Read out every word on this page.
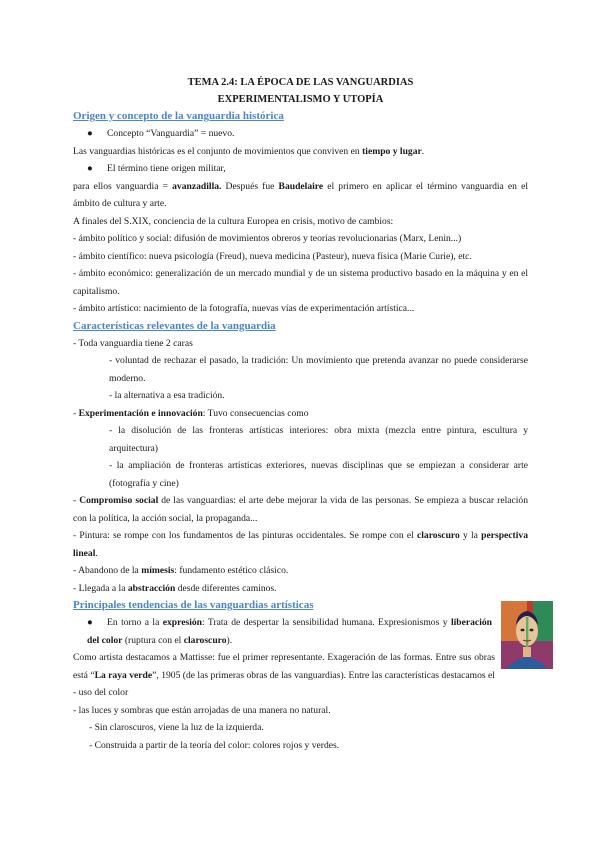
TEMA 2.4: LA ÉPOCA DE LAS VANGUARDIAS
EXPERIMENTALISMO Y UTOPÍA
Origen y concepto de la vanguardia histórica

● Concepto “Vanguardia” = nuevo.

Las vanguardias históricas es el conjunto de movimientos que conviven en tiempo y lugar.

● El término tiene origen militar,

para ellos vanguardia = avanzadilla. Después fue Baudelaire el primero en aplicar el término vanguardia en el ámbito de cultura y arte.

A finales del S.XIX, conciencia de la cultura Europea en crisis, motivo de cambios:

- ámbito político y social: difusión de movimientos obreros y teorías revolucionarias (Marx, Lenin...)

- ámbito científico: nueva psicología (Freud), nueva medicina (Pasteur), nueva física (Marie Curie), etc.

- ámbito económico: generalización de un mercado mundial y de un sistema productivo basado en la máquina y en el capitalismo.

- ámbito artístico: nacimiento de la fotografía, nuevas vías de experimentación artística...

Características relevantes de la vanguardia

- Toda vanguardia tiene 2 caras

- voluntad de rechazar el pasado, la tradición: Un movimiento que pretenda avanzar no puede considerarse moderno.

- la alternativa a esa tradición.

- Experimentación e innovación: Tuvo consecuencias como

- la disolución de las fronteras artísticas interiores: obra mixta (mezcla entre pintura, escultura y arquitectura)

- la ampliación de fronteras artísticas exteriores, nuevas disciplinas que se empiezan a considerar arte (fotografía y cine)

- Compromiso social de las vanguardias: el arte debe mejorar la vida de las personas. Se empieza a buscar relación con la política, la acción social, la propaganda...

- Pintura: se rompe con los fundamentos de las pinturas occidentales. Se rompe con el claroscuro y la perspectiva lineal.

- Abandono de la mímesis: fundamento estético clásico.

- Llegada a la abstracción desde diferentes caminos.

Principales tendencias de las vanguardias artísticas

● En torno a la expresión: Trata de despertar la sensibilidad humana. Expresionismos y liberación del color (ruptura con el claroscuro).

Como artista destacamos a Mattisse: fue el primer representante. Exageración de las formas. Entre sus obras está “La raya verde”, 1905 (de las primeras obras de las vanguardias). Entre las características destacamos el

- uso del color

- las luces y sombras que están arrojadas de una manera no natural.

- Sin claroscuros, viene la luz de la izquierda.

- Construida a partir de la teoría del color: colores rojos y verdes.
